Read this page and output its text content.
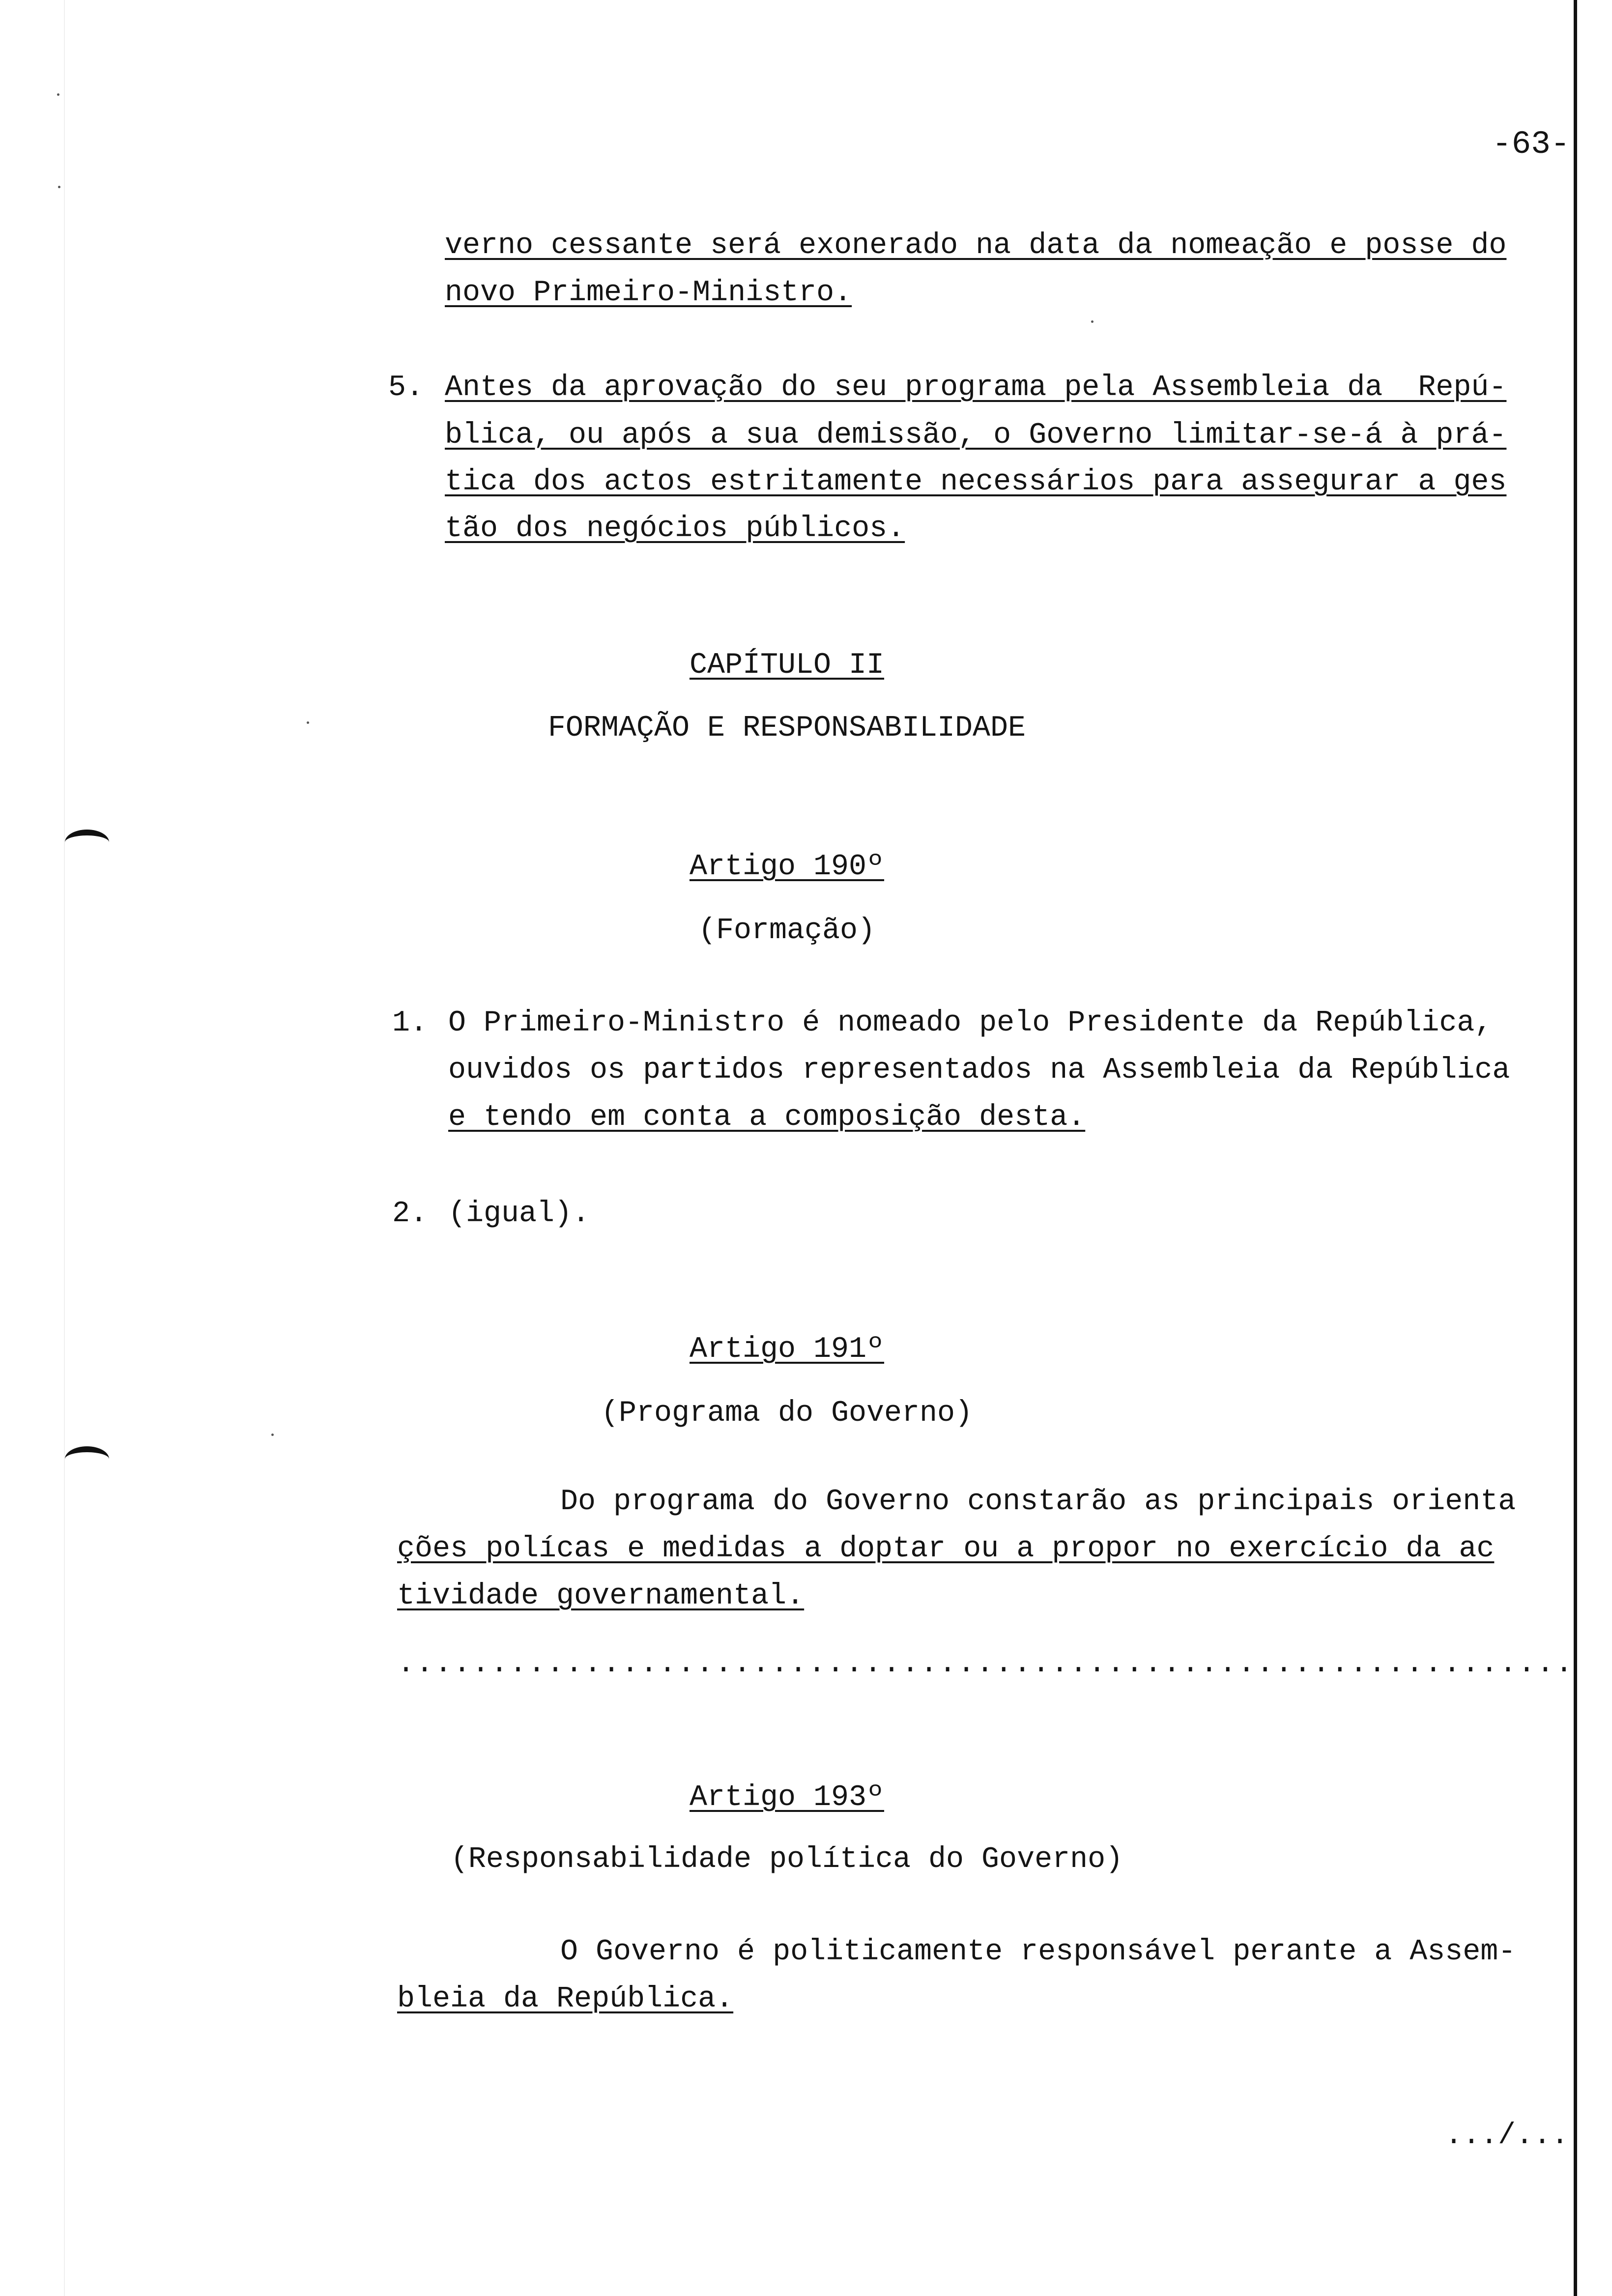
-63-
verno cessante será exonerado na data da nomeação e posse do
novo Primeiro-Ministro.
5. Antes da aprovação do seu programa pela Assembleia da  Repú-
blica, ou após a sua demissão, o Governo limitar-se-á à prá-
tica dos actos estritamente necessários para assegurar a ges
tão dos negócios públicos.
CAPÍTULO II
FORMAÇÃO E RESPONSABILIDADE
Artigo 190º
(Formação)
1. O Primeiro-Ministro é nomeado pelo Presidente da República,
ouvidos os partidos representados na Assembleia da República
e tendo em conta a composição desta.
2. (igual).
Artigo 191º
(Programa do Governo)
Do programa do Governo constarão as principais orienta
ções polícas e medidas a doptar ou a propor no exercício da ac
tividade governamental.
...............................................................
Artigo 193º
(Responsabilidade política do Governo)
O Governo é politicamente responsável perante a Assem-
bleia da República.
.../...
